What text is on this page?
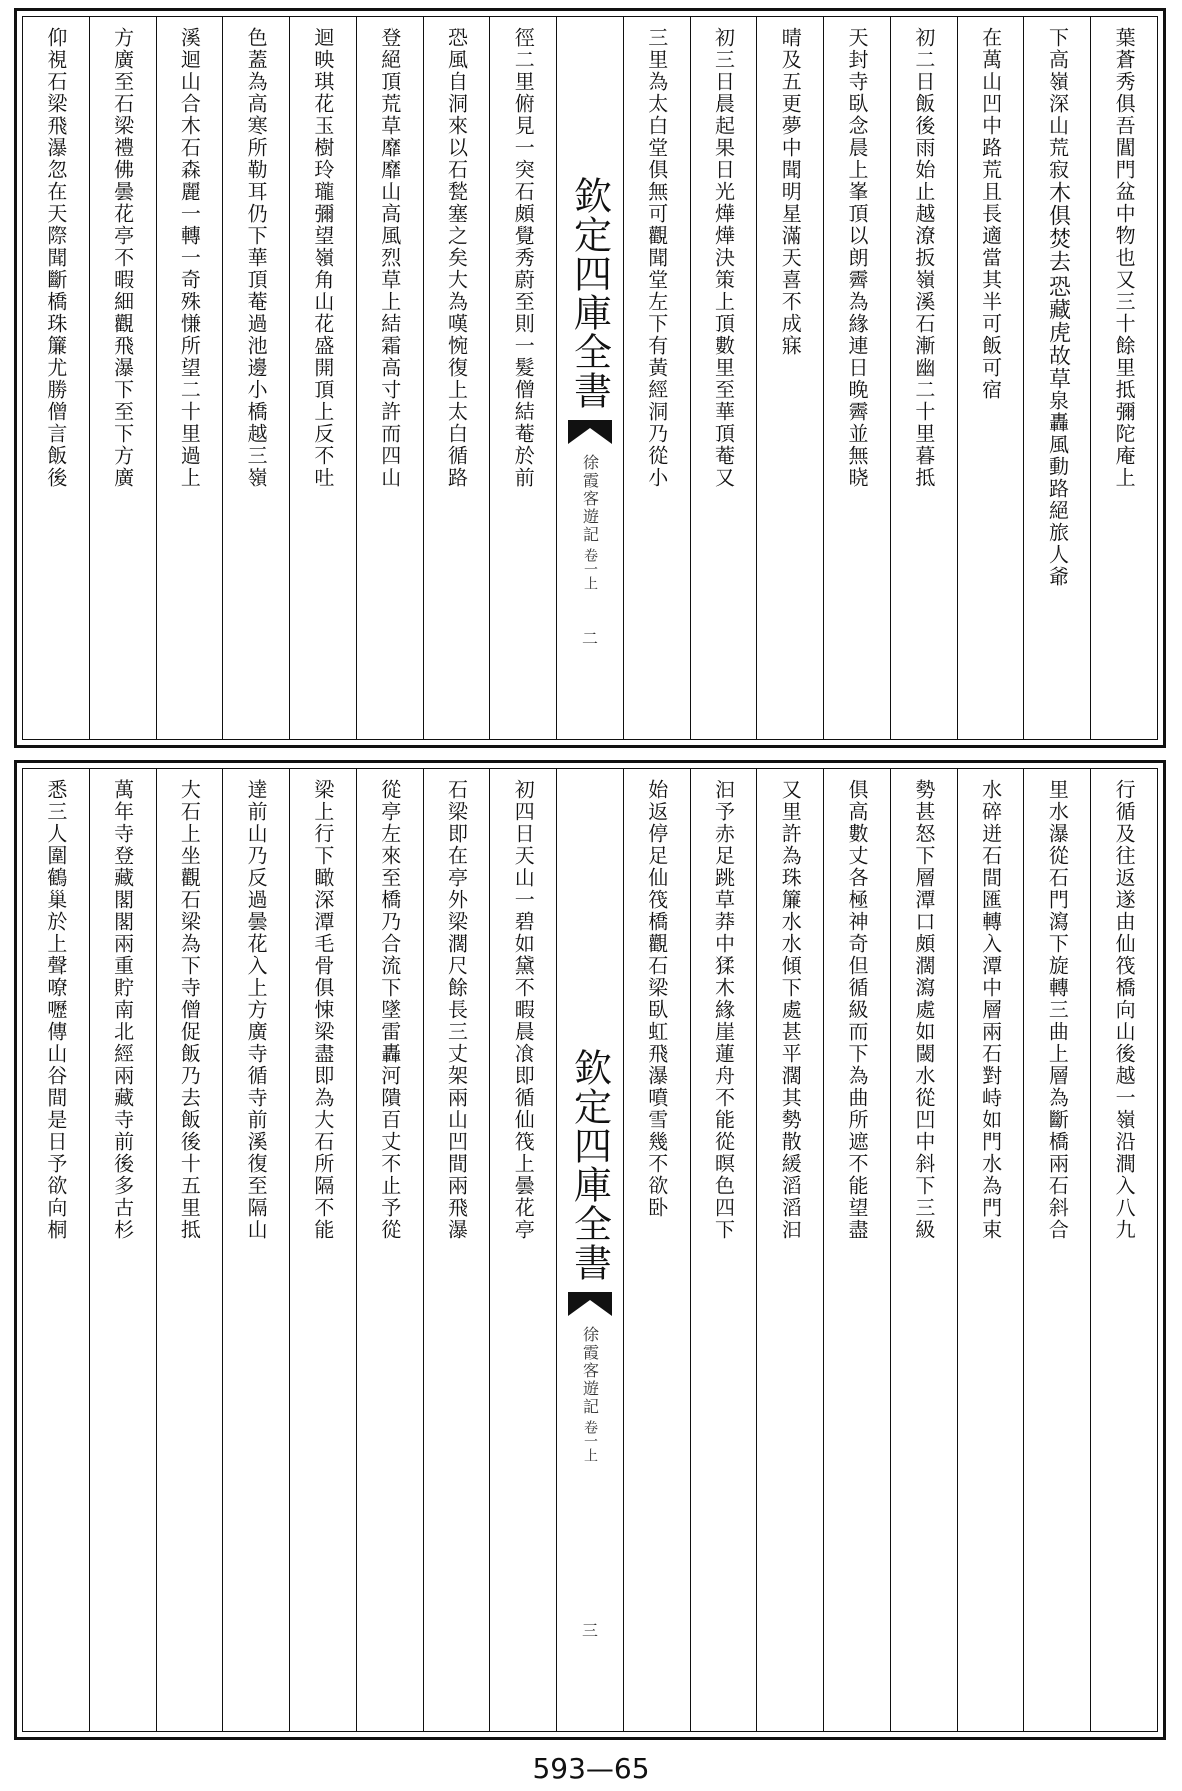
葉蒼秀俱吾閶門盆中物也又三十餘里抵彌陀庵上
下高嶺深山荒寂
恐藏虎故草
木俱焚去
泉轟風動路絕旅人爺
在萬山凹中路荒且長適當其半可飯可宿
初二日飯後雨始止越潦扳嶺溪石漸幽二十里暮抵
天封寺臥念晨上峯頂以朗霽為緣連日晚霽並無晓
晴及五更夢中聞明星滿天喜不成寐
初三日晨起果日光燁燁決策上頂數里至華頂菴又
三里為太白堂俱無可觀聞堂左下有黃經洞乃從小
欽定四庫全書
徐霞客遊記
卷一上
二
徑二里俯見一突石頗覺秀蔚至則一髮僧結菴於前
恐風自洞來以石甃塞之矣大為嘆惋復上太白循路
登絕頂荒草靡靡山高風烈草上結霜高寸許而四山
迴映琪花玉樹玲瓏彌望嶺角山花盛開頂上反不吐
色蓋為高寒所勒耳仍下華頂菴過池邊小橋越三嶺
溪迴山合木石森麗一轉一奇殊慊所望二十里過上
方廣至石梁禮佛曇花亭不暇細觀飛瀑下至下方廣
仰視石梁飛瀑忽在天際聞斷橋珠簾尤勝僧言飯後
行循及往返遂由仙筏橋向山後越一嶺沿澗入八九
里水瀑從石門瀉下旋轉三曲上層為斷橋兩石斜合
水碎迸石間匯轉入潭中層兩石對峙如門水為門束
勢甚怒下層潭口頗濶瀉處如閾水從凹中斜下三級
俱高數丈各極神奇但循級而下為曲所遮不能望盡
又里許為珠簾水水傾下處甚平濶其勢散緩滔滔汩
汩予赤足跳草莽中猱木緣崖蓮舟不能從暝色四下
始返停足仙筏橋觀石梁臥虹飛瀑噴雪幾不欲卧
欽定四庫全書
徐霞客遊記
卷一上
三
初四日天山一碧如黛不暇晨飡即循仙筏上曇花亭
石梁即在亭外梁濶尺餘長三丈架兩山凹間兩飛瀑
從亭左來至橋乃合流下墜雷轟河隤百丈不止予從
梁上行下瞰深潭毛骨俱悚梁盡即為大石所隔不能
達前山乃反過曇花入上方廣寺循寺前溪復至隔山
大石上坐觀石梁為下寺僧促飯乃去飯後十五里抵
萬年寺登藏閣閣兩重貯南北經兩藏寺前後多古杉
悉三人圍鶴巢於上聲嘹嚦傳山谷間是日予欲向桐
593—65
